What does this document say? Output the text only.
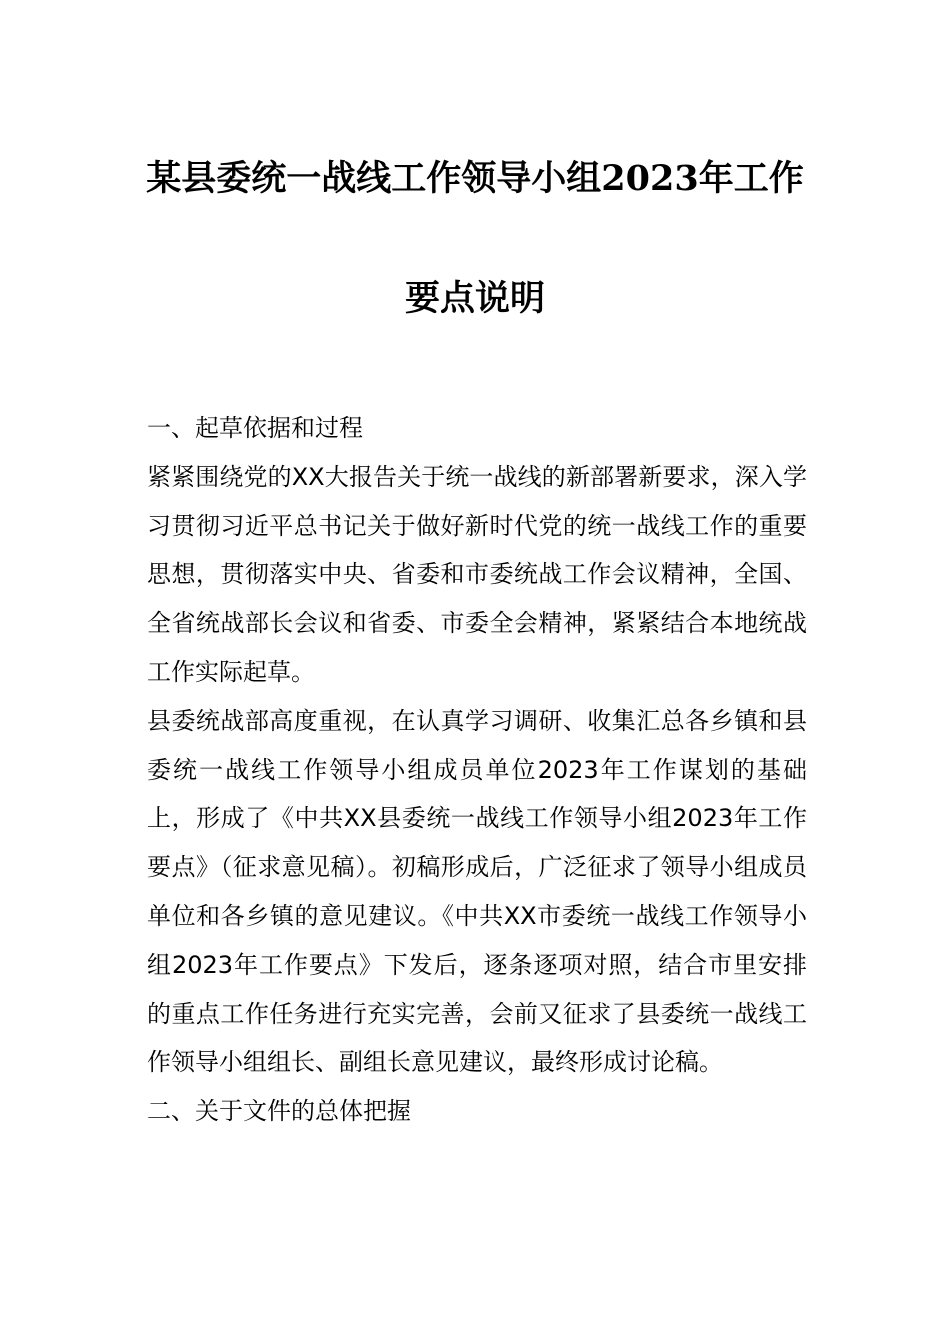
某县委统一战线工作领导小组2023年工作
要点说明

一、起草依据和过程

紧紧围绕党的XX大报告关于统一战线的新部署新要求，深入学习贯彻习近平总书记关于做好新时代党的统一战线工作的重要思想，贯彻落实中央、省委和市委统战工作会议精神，全国、全省统战部长会议和省委、市委全会精神，紧紧结合本地统战工作实际起草。

县委统战部高度重视，在认真学习调研、收集汇总各乡镇和县委统一战线工作领导小组成员单位2023年工作谋划的基础上，形成了《中共XX县委统一战线工作领导小组2023年工作要点》（征求意见稿）。初稿形成后，广泛征求了领导小组成员单位和各乡镇的意见建议。《中共XX市委统一战线工作领导小组2023年工作要点》下发后，逐条逐项对照，结合市里安排的重点工作任务进行充实完善，会前又征求了县委统一战线工作领导小组组长、副组长意见建议，最终形成讨论稿。

二、关于文件的总体把握
